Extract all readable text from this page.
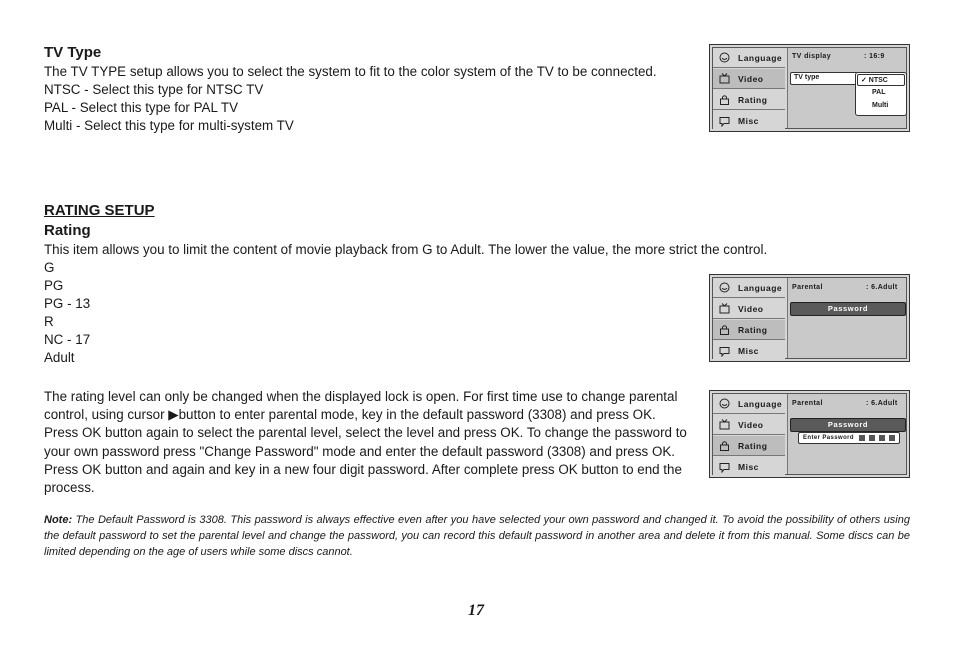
TV Type
The TV TYPE setup allows you to select the system to fit to the color system of the TV to be connected.
NTSC - Select this type for NTSC TV
PAL - Select this type for PAL TV
Multi - Select this type for multi-system TV
RATING SETUP
Rating
This item allows you to limit the content of movie playback from G to Adult. The lower the value, the more strict the control.
G
PG
PG - 13
R
NC - 17
Adult
The rating level can only be changed when the displayed lock is open. For first time use to change parental
control, using cursor ▶button to enter parental mode, key in the default password (3308) and press OK.
Press OK button again to select the parental level, select the level and press OK. To change the password to
your own password press "Change Password" mode and enter the default password (3308) and press OK.
Press OK button and again and key in a new four digit password. After complete press OK button to end the
process.
Note: The Default Password is 3308. This password is always effective even after you have selected your own password and changed it. To avoid the possibility of others using the default password to set the parental level and change the password, you can record this default password in another area and delete it from this manual. Some discs can be limited depending on the age of users while some discs cannot.
17
Language
Video
Rating
Misc
TV display	: 16:9
TV type	✓ NTSC
PAL
Multi
Language
Video
Rating
Misc
Parental	: 6.Adult
Password
Language
Video
Rating
Misc
Parental	: 6.Adult
Password
Enter Password
